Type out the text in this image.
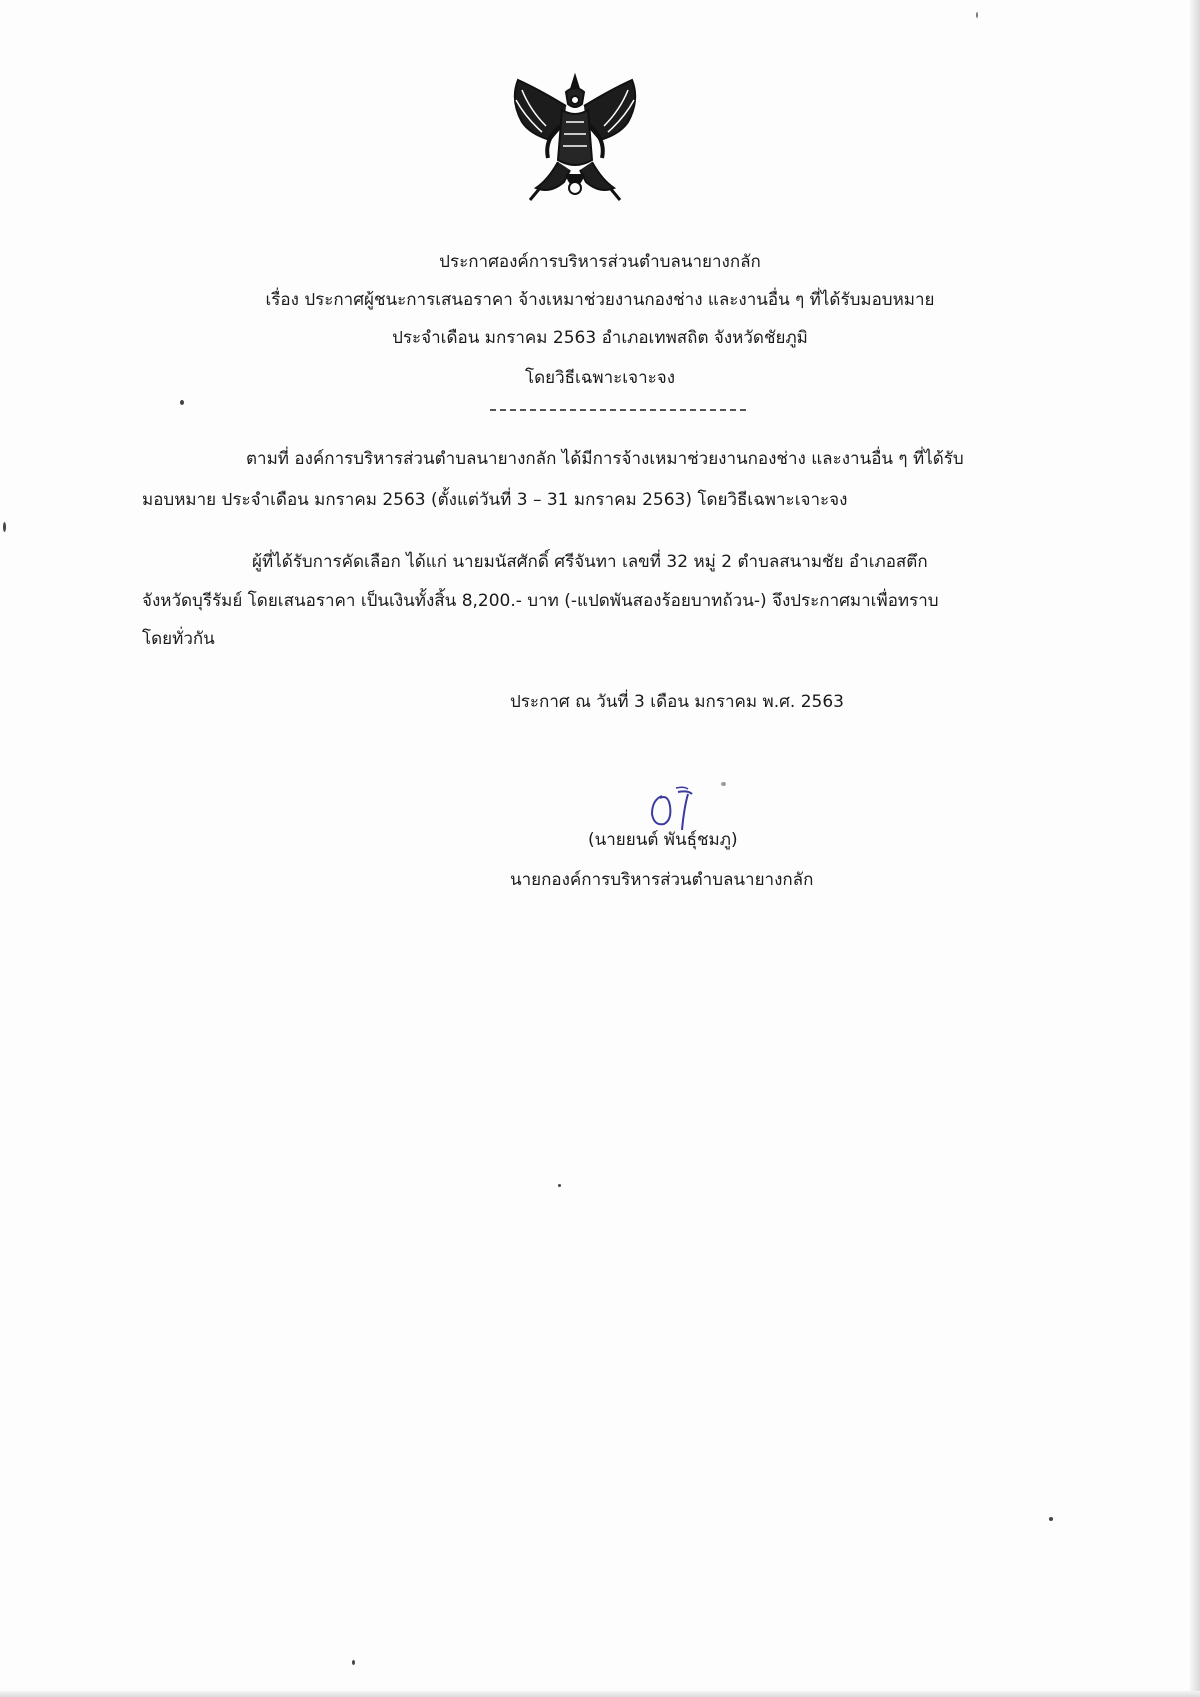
ประกาศองค์การบริหารส่วนตำบลนายางกลัก
เรื่อง ประกาศผู้ชนะการเสนอราคา จ้างเหมาช่วยงานกองช่าง และงานอื่น ๆ ที่ได้รับมอบหมาย
ประจำเดือน มกราคม 2563 อำเภอเทพสถิต จังหวัดชัยภูมิ
โดยวิธีเฉพาะเจาะจง
ตามที่ องค์การบริหารส่วนตำบลนายางกลัก ได้มีการจ้างเหมาช่วยงานกองช่าง และงานอื่น ๆ ที่ได้รับ
มอบหมาย ประจำเดือน มกราคม 2563 (ตั้งแต่วันที่ 3 – 31 มกราคม 2563) โดยวิธีเฉพาะเจาะจง
ผู้ที่ได้รับการคัดเลือก ได้แก่ นายมนัสศักดิ์ ศรีจันทา เลขที่ 32 หมู่ 2 ตำบลสนามชัย อำเภอสตึก
จังหวัดบุรีรัมย์ โดยเสนอราคา เป็นเงินทั้งสิ้น 8,200.- บาท (-แปดพันสองร้อยบาทถ้วน-) จึงประกาศมาเพื่อทราบ
โดยทั่วกัน
ประกาศ ณ วันที่ 3 เดือน มกราคม พ.ศ. 2563
(นายยนต์ พันธุ์ชมภู)
นายกองค์การบริหารส่วนตำบลนายางกลัก
